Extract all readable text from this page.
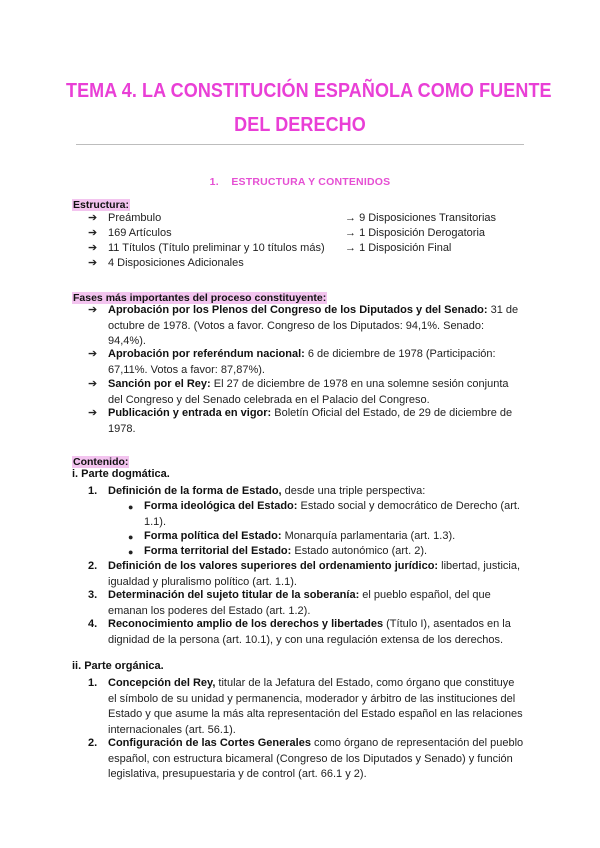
TEMA 4. LA CONSTITUCIÓN ESPAÑOLA COMO FUENTE
DEL DERECHO
1. ESTRUCTURA Y CONTENIDOS
Estructura:
➔ Preámbulo
➔ 169 Artículos
➔ 11 Títulos (Título preliminar y 10 títulos más)
➔ 4 Disposiciones Adicionales
→ 9 Disposiciones Transitorias
→ 1 Disposición Derogatoria
→ 1 Disposición Final
Fases más importantes del proceso constituyente:
➔ Aprobación por los Plenos del Congreso de los Diputados y del Senado: 31 de
octubre de 1978. (Votos a favor. Congreso de los Diputados: 94,1%. Senado:
94,4%).
➔ Aprobación por referéndum nacional: 6 de diciembre de 1978 (Participación:
67,11%. Votos a favor: 87,87%).
➔ Sanción por el Rey: El 27 de diciembre de 1978 en una solemne sesión conjunta
del Congreso y del Senado celebrada en el Palacio del Congreso.
➔ Publicación y entrada en vigor: Boletín Oficial del Estado, de 29 de diciembre de
1978.
Contenido:
i. Parte dogmática.
1. Definición de la forma de Estado, desde una triple perspectiva:
● Forma ideológica del Estado: Estado social y democrático de Derecho (art.
1.1).
● Forma política del Estado: Monarquía parlamentaria (art. 1.3).
● Forma territorial del Estado: Estado autonómico (art. 2).
2. Definición de los valores superiores del ordenamiento jurídico: libertad, justicia,
igualdad y pluralismo político (art. 1.1).
3. Determinación del sujeto titular de la soberanía: el pueblo español, del que
emanan los poderes del Estado (art. 1.2).
4. Reconocimiento amplio de los derechos y libertades (Título I), asentados en la
dignidad de la persona (art. 10.1), y con una regulación extensa de los derechos.
ii. Parte orgánica.
1. Concepción del Rey, titular de la Jefatura del Estado, como órgano que constituye
el símbolo de su unidad y permanencia, moderador y árbitro de las instituciones del
Estado y que asume la más alta representación del Estado español en las relaciones
internacionales (art. 56.1).
2. Configuración de las Cortes Generales como órgano de representación del pueblo
español, con estructura bicameral (Congreso de los Diputados y Senado) y función
legislativa, presupuestaria y de control (art. 66.1 y 2).
